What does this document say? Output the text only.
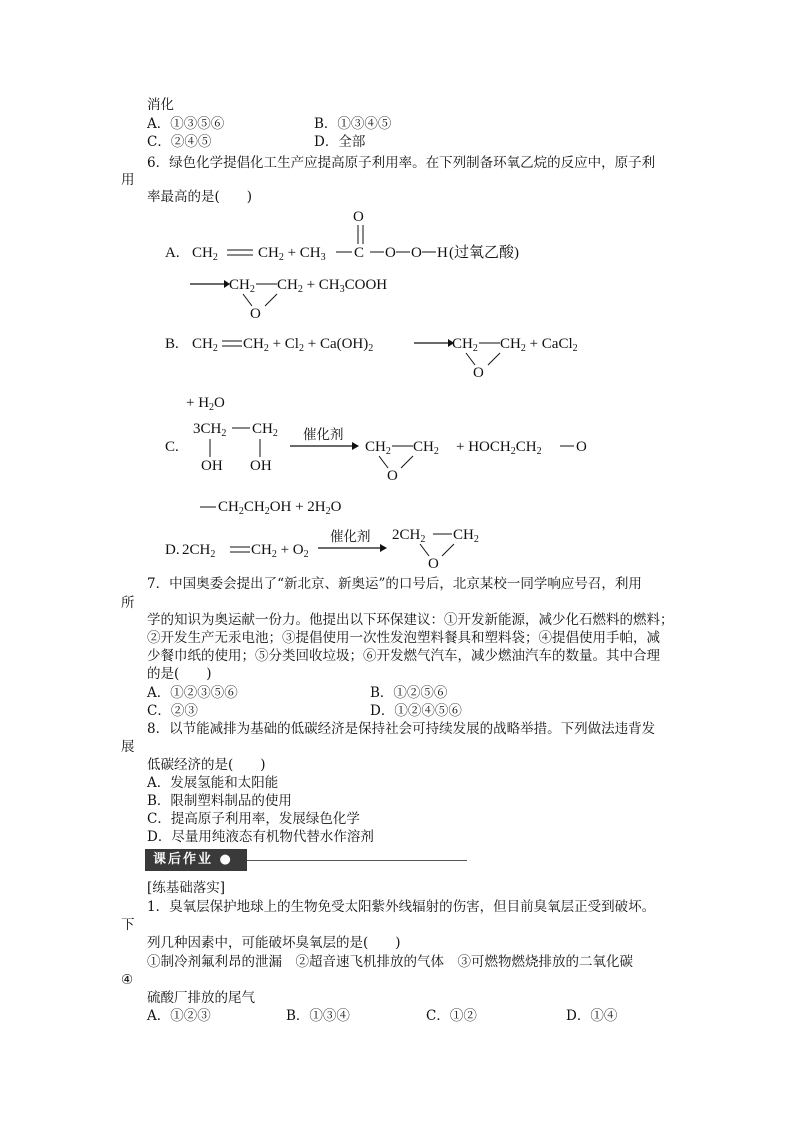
消化
A．①③⑤⑥	B．①③④⑤
C．②④⑤	D．全部
6．绿色化学提倡化工生产应提高原子利用率。在下列制备环氧乙烷的反应中，原子利
用
率最高的是(　　)
A. $CH_2$	$CH_2 + CH_3$
O
C O O H (过氧乙酸)
$CH_2$ $CH_2$ + $CH_3COOH$
O
B. $CH_2$ $CH_2 + Cl_2 + Ca(OH)_2$	$CH_2$ $CH_2$ + CaCl$_2$
O
+ $H_2O$
C.
$3CH_2$ $CH_2$
OH OH
催化剂
$CH_2$ $CH_2$
O
+ $HOCH_2CH_2$ O
$CH_2CH_2OH + 2H_2O$
D. $2CH_2$ $CH_2 + O_2$
催化剂 $2CH_2$ $CH_2$
O
7．中国奥委会提出了“新北京、新奥运”的口号后，北京某校一同学响应号召，利用
所
学的知识为奥运献一份力。他提出以下环保建议：①开发新能源，减少化石燃料的燃料；
②开发生产无汞电池；③提倡使用一次性发泡塑料餐具和塑料袋；④提倡使用手帕，减
少餐巾纸的使用；⑤分类回收垃圾；⑥开发燃气汽车，减少燃油汽车的数量。其中合理
的是(　　)
A．①②③⑤⑥	B．①②⑤⑥
C．②③	D．①②④⑤⑥
8．以节能减排为基础的低碳经济是保持社会可持续发展的战略举措。下列做法违背发
展
低碳经济的是(　　)
A．发展氢能和太阳能
B．限制塑料制品的使用
C．提高原子利用率，发展绿色化学
D．尽量用纯液态有机物代替水作溶剂
课后作业 ●
[练基础落实]
1．臭氧层保护地球上的生物免受太阳紫外线辐射的伤害，但目前臭氧层正受到破坏。
下
列几种因素中，可能破坏臭氧层的是(　　)
①制冷剂氟利昂的泄漏　②超音速飞机排放的气体　③可燃物燃烧排放的二氧化碳
④
硫酸厂排放的尾气
A．①②③	B．①③④	C．①②	D．①④
